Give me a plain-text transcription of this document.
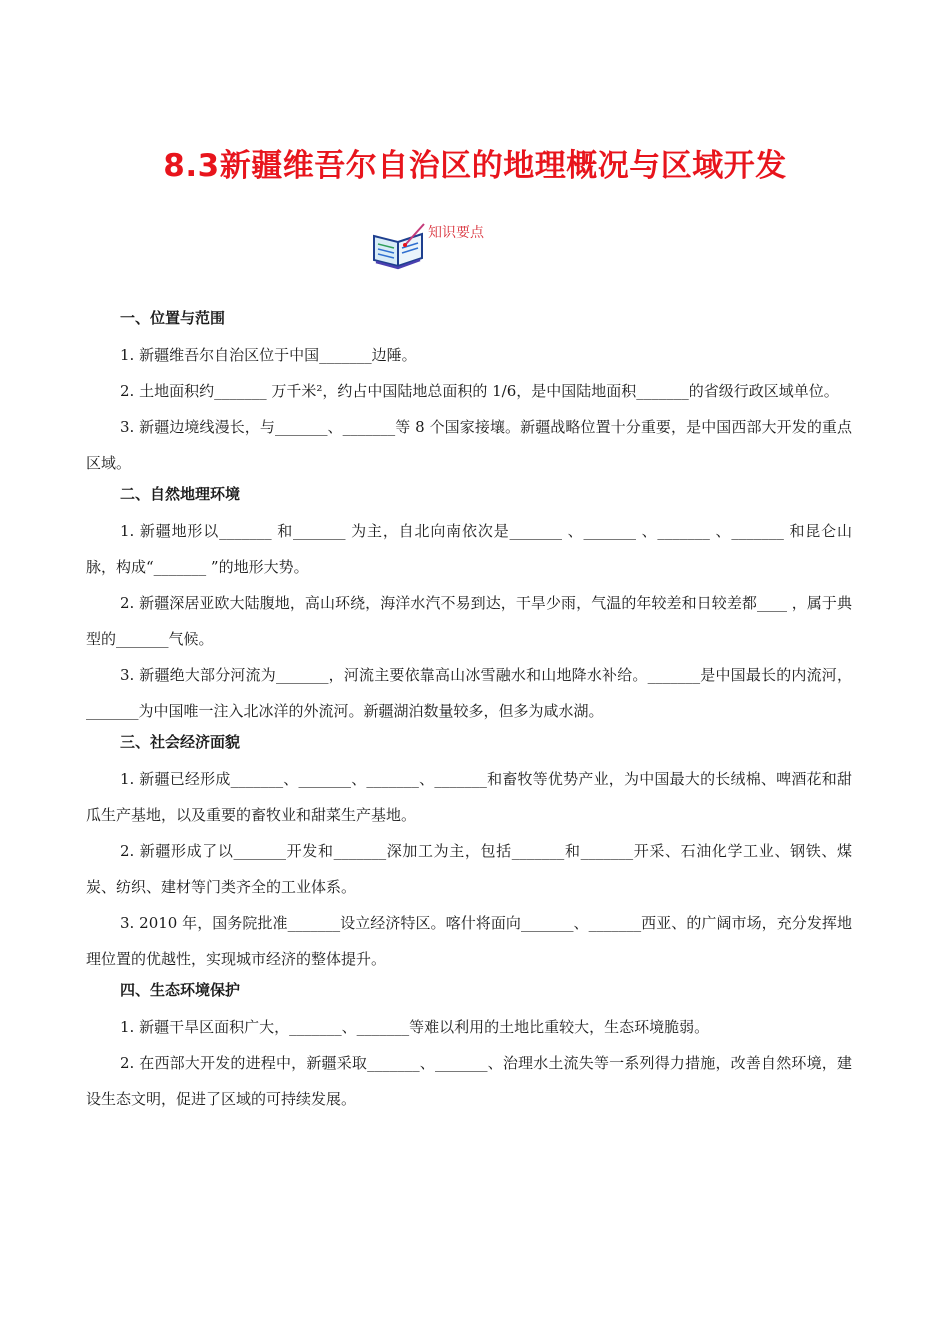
8.3新疆维吾尔自治区的地理概况与区域开发
知识要点
一、位置与范围

1. 新疆维吾尔自治区位于中国_______边陲。

2. 土地面积约_______ 万千米²，约占中国陆地总面积的 1/6，是中国陆地面积_______的省级行政区域单位。

3. 新疆边境线漫长，与_______、_______等 8 个国家接壤。新疆战略位置十分重要，是中国西部大开发的重点区域。

二、自然地理环境

1. 新疆地形以_______ 和_______ 为主，自北向南依次是_______ 、_______ 、_______ 、_______ 和昆仑山脉，构成“_______ ”的地形大势。

2. 新疆深居亚欧大陆腹地，高山环绕，海洋水汽不易到达，干旱少雨，气温的年较差和日较差都____ ，属于典型的_______气候。

3. 新疆绝大部分河流为_______，河流主要依靠高山冰雪融水和山地降水补给。_______是中国最长的内流河，_______为中国唯一注入北冰洋的外流河。新疆湖泊数量较多，但多为咸水湖。

三、社会经济面貌

1. 新疆已经形成_______、_______、_______、_______和畜牧等优势产业，为中国最大的长绒棉、啤酒花和甜瓜生产基地，以及重要的畜牧业和甜菜生产基地。

2. 新疆形成了以_______开发和_______深加工为主，包括_______和_______开采、石油化学工业、钢铁、煤炭、纺织、建材等门类齐全的工业体系。

3. 2010 年，国务院批准_______设立经济特区。喀什将面向_______、_______西亚、的广阔市场，充分发挥地理位置的优越性，实现城市经济的整体提升。

四、生态环境保护

1. 新疆干旱区面积广大，_______、_______等难以利用的土地比重较大，生态环境脆弱。

2. 在西部大开发的进程中，新疆采取_______、_______、治理水土流失等一系列得力措施，改善自然环境，建设生态文明，促进了区域的可持续发展。
